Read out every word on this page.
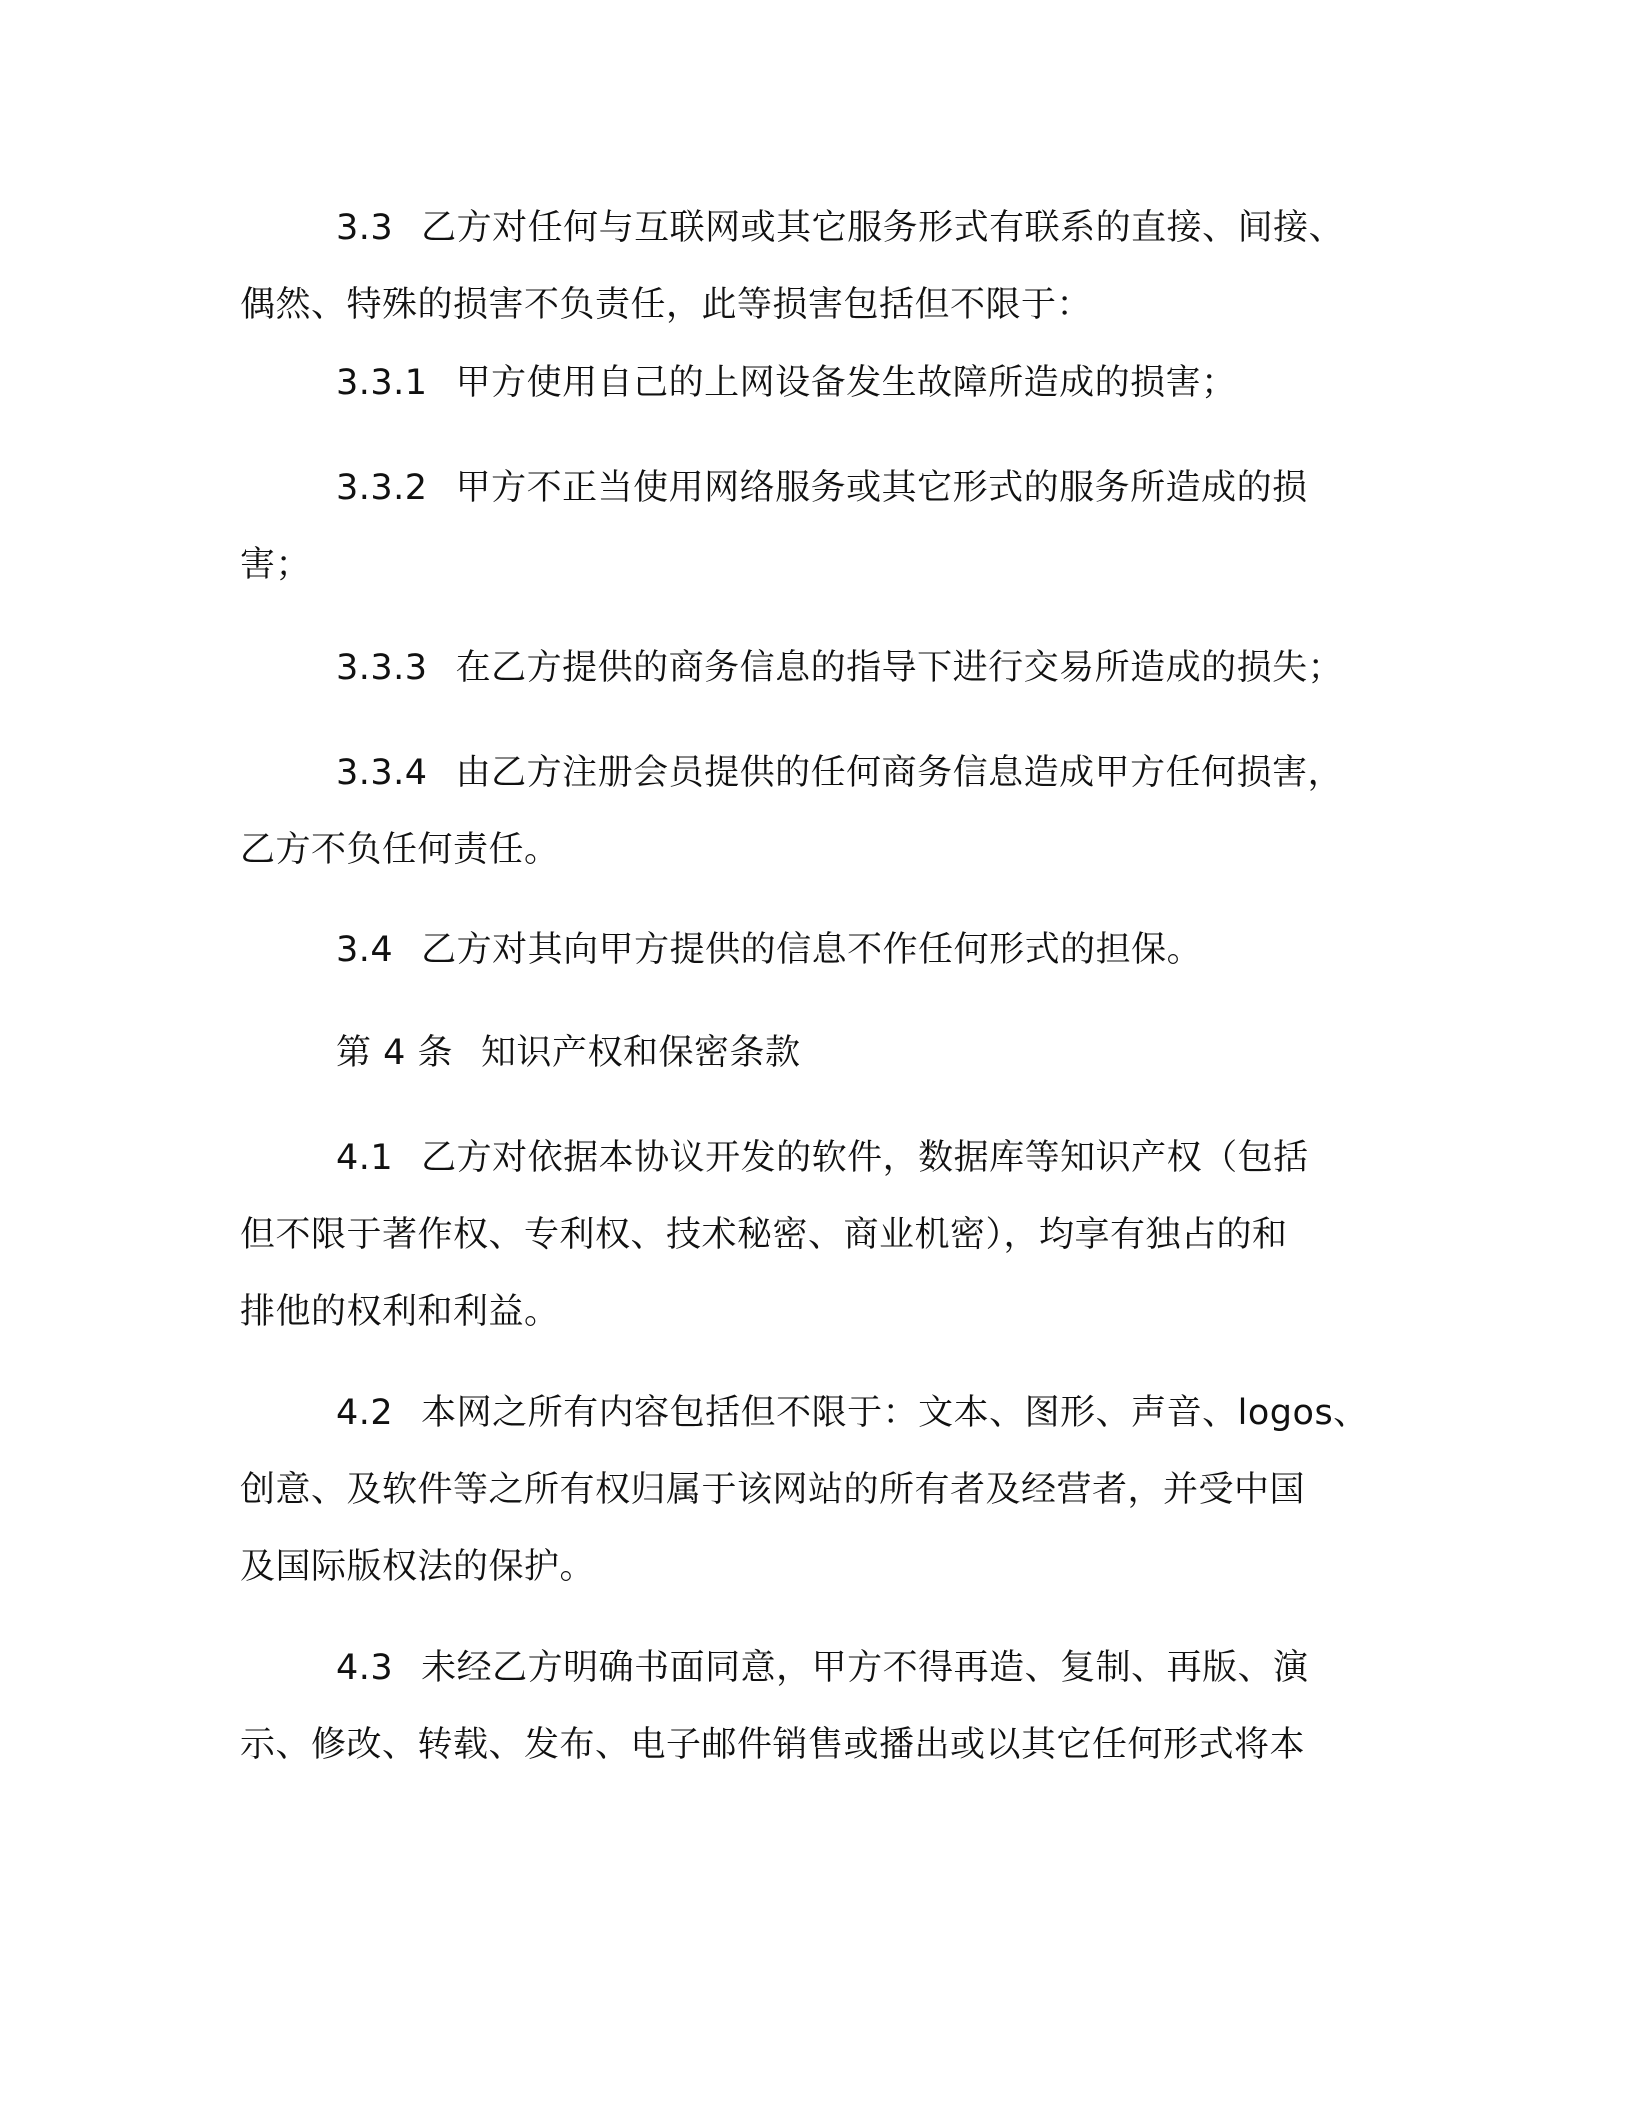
3.3 乙方对任何与互联网或其它服务形式有联系的直接、间接、
偶然、特殊的损害不负责任，此等损害包括但不限于：
3.3.1 甲方使用自己的上网设备发生故障所造成的损害；
3.3.2 甲方不正当使用网络服务或其它形式的服务所造成的损
害；
3.3.3 在乙方提供的商务信息的指导下进行交易所造成的损失；
3.3.4 由乙方注册会员提供的任何商务信息造成甲方任何损害，
乙方不负任何责任。
3.4 乙方对其向甲方提供的信息不作任何形式的担保。
第 4 条 知识产权和保密条款
4.1 乙方对依据本协议开发的软件，数据库等知识产权（包括
但不限于著作权、专利权、技术秘密、商业机密），均享有独占的和
排他的权利和利益。
4.2 本网之所有内容包括但不限于：文本、图形、声音、logos、
创意、及软件等之所有权归属于该网站的所有者及经营者，并受中国
及国际版权法的保护。
4.3 未经乙方明确书面同意，甲方不得再造、复制、再版、演
示、修改、转载、发布、电子邮件销售或播出或以其它任何形式将本
